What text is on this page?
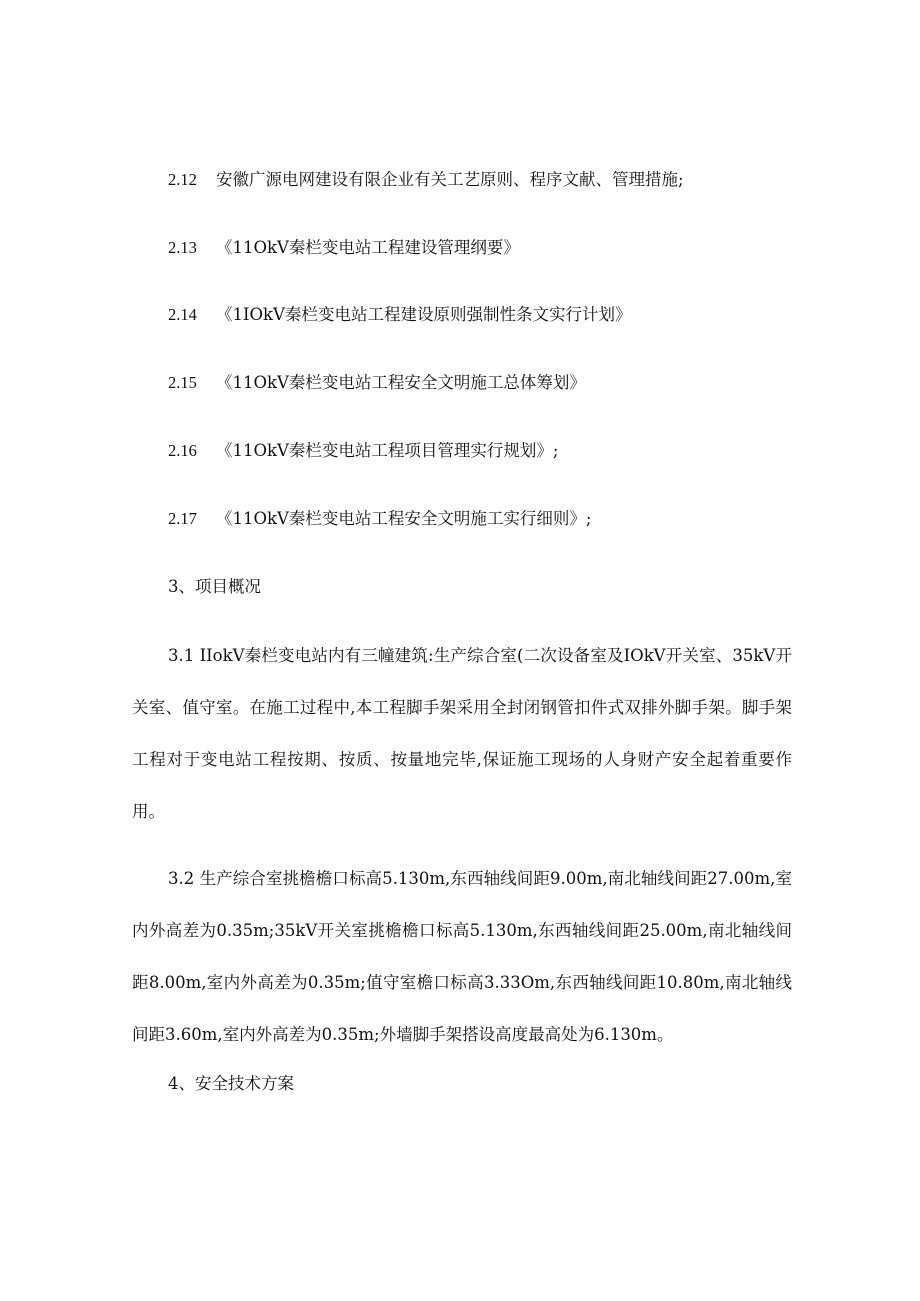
2.12 安徽广源电网建设有限企业有关工艺原则、程序文献、管理措施;
2.13 《11OkV秦栏变电站工程建设管理纲要》
2.14 《1IOkV秦栏变电站工程建设原则强制性条文实行计划》
2.15 《11OkV秦栏变电站工程安全文明施工总体筹划》
2.16 《11OkV秦栏变电站工程项目管理实行规划》;
2.17 《11OkV秦栏变电站工程安全文明施工实行细则》;
3、项目概况
3.1 IIokV秦栏变电站内有三幢建筑:生产综合室(二次设备室及IOkV开关室、35kV开关室、值守室。在施工过程中,本工程脚手架采用全封闭钢管扣件式双排外脚手架。脚手架工程对于变电站工程按期、按质、按量地完毕,保证施工现场的人身财产安全起着重要作用。
3.2 生产综合室挑檐檐口标高5.130m,东西轴线间距9.00m,南北轴线间距27.00m,室内外高差为0.35m;35kV开关室挑檐檐口标高5.130m,东西轴线间距25.00m,南北轴线间距8.00m,室内外高差为0.35m;值守室檐口标高3.33Om,东西轴线间距10.80m,南北轴线间距3.60m,室内外高差为0.35m;外墙脚手架搭设高度最高处为6.130m。
4、安全技术方案
